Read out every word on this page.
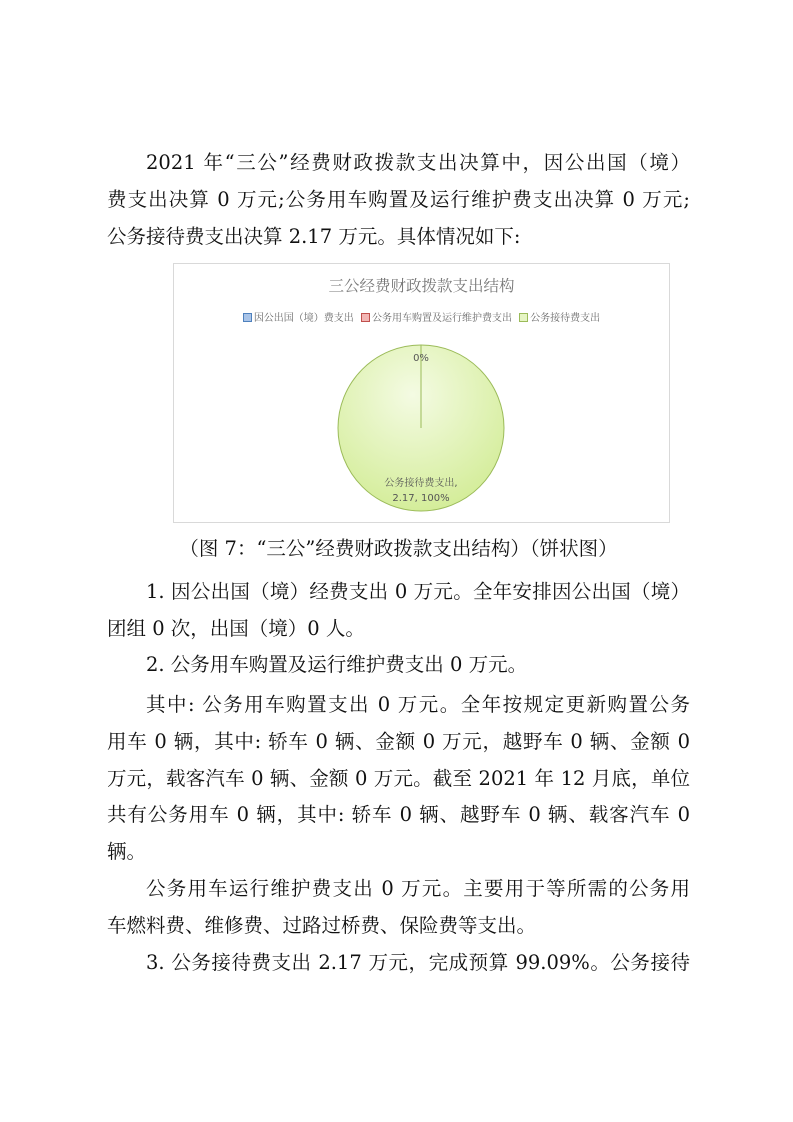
2021 年“三公”经费财政拨款支出决算中，因公出国（境）
费支出决算 0 万元;公务用车购置及运行维护费支出决算 0 万元;
公务接待费支出决算 2.17 万元。具体情况如下:
三公经费财政拨款支出结构
因公出国（境）费支出 公务用车购置及运行维护费支出 公务接待费支出
0%
公务接待费支出,
2.17, 100%
（图 7：“三公”经费财政拨款支出结构）（饼状图）
1. 因公出国（境）经费支出 0 万元。全年安排因公出国（境）
团组 0 次，出国（境）0 人。
2. 公务用车购置及运行维护费支出 0 万元。
其中: 公务用车购置支出 0 万元。全年按规定更新购置公务
用车 0 辆，其中: 轿车 0 辆、金额 0 万元，越野车 0 辆、金额 0
万元，载客汽车 0 辆、金额 0 万元。截至 2021 年 12 月底，单位
共有公务用车 0 辆，其中: 轿车 0 辆、越野车 0 辆、载客汽车 0
辆。
公务用车运行维护费支出 0 万元。主要用于等所需的公务用
车燃料费、维修费、过路过桥费、保险费等支出。
3. 公务接待费支出 2.17 万元，完成预算 99.09%。公务接待
